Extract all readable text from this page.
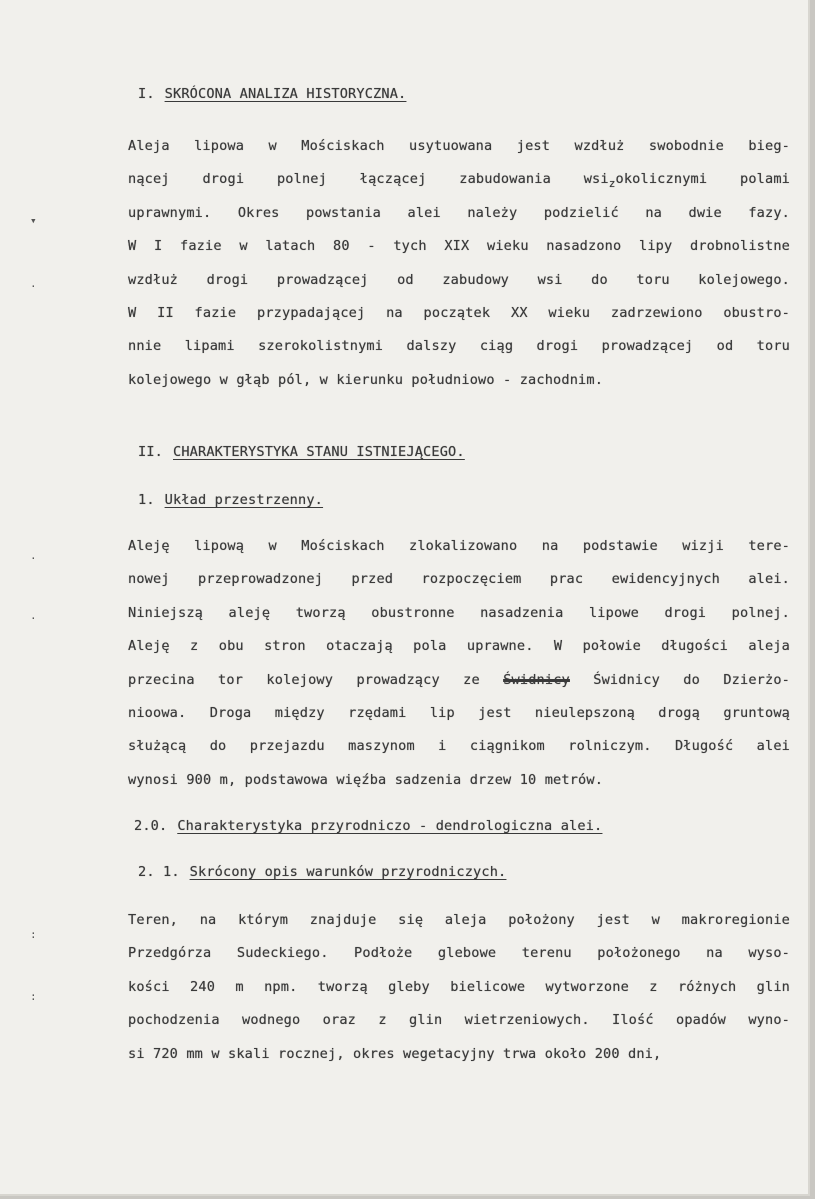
▾
·
·
·
:
:
I. SKRÓCONA ANALIZA HISTORYCZNA.
Aleja lipowa w Mościskach usytuowana jest wzdłuż swobodnie bieg-
nącej drogi polnej łączącej zabudowania wsi$_z$okolicznymi polami
uprawnymi. Okres powstania alei należy podzielić na dwie fazy.
W I fazie w latach 80 - tych XIX wieku nasadzono lipy drobnolistne
wzdłuż drogi prowadzącej od zabudowy wsi do toru kolejowego.
W II fazie przypadającej na początek XX wieku zadrzewiono obustro-
nnie lipami szerokolistnymi dalszy ciąg drogi prowadzącej od toru
kolejowego w głąb pól, w kierunku południowo - zachodnim.
II. CHARAKTERYSTYKA STANU ISTNIEJĄCEGO.
1. Układ przestrzenny.
Aleję lipową w Mościskach zlokalizowano na podstawie wizji tere-
nowej przeprowadzonej przed rozpoczęciem prac ewidencyjnych alei.
Niniejszą aleję tworzą obustronne nasadzenia lipowe drogi polnej.
Aleję z obu stron otaczają pola uprawne. W połowie długości aleja
przecina tor kolejowy prowadzący ze Świdnicy Świdnicy do Dzierżo-
nioowa. Droga między rzędami lip jest nieulepszoną drogą gruntową
służącą do przejazdu maszynom i ciągnikom rolniczym. Długość alei
wynosi 900 m, podstawowa więźba sadzenia drzew 10 metrów.
2.0. Charakterystyka przyrodniczo - dendrologiczna alei.
2. 1. Skrócony opis warunków przyrodniczych.
Teren, na którym znajduje się aleja położony jest w makroregionie
Przedgórza Sudeckiego. Podłoże glebowe terenu położonego na wyso-
kości 240 m npm. tworzą gleby bielicowe wytworzone z różnych glin
pochodzenia wodnego oraz z glin wietrzeniowych. Ilość opadów wyno-
si 720 mm w skali rocznej, okres wegetacyjny trwa około 200 dni,
